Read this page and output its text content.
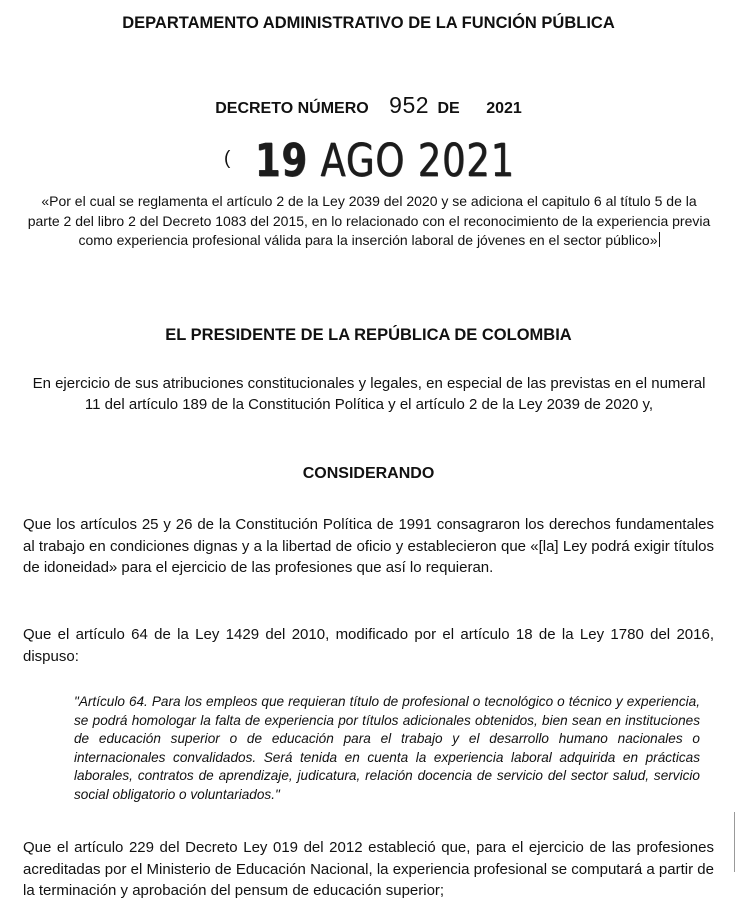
DEPARTAMENTO ADMINISTRATIVO DE LA FUNCIÓN PÚBLICA
DECRETO NÚMERO 952 DE 2021
( 19 AGO 2021
«Por el cual se reglamenta el artículo 2 de la Ley 2039 del 2020 y se adiciona el capitulo 6 al título 5 de la parte 2 del libro 2 del Decreto 1083 del 2015, en lo relacionado con el reconocimiento de la experiencia previa como experiencia profesional válida para la inserción laboral de jóvenes en el sector público»
EL PRESIDENTE DE LA REPÚBLICA DE COLOMBIA
En ejercicio de sus atribuciones constitucionales y legales, en especial de las previstas en el numeral 11 del artículo 189 de la Constitución Política y el artículo 2 de la Ley 2039 de 2020 y,
CONSIDERANDO
Que los artículos 25 y 26 de la Constitución Política de 1991 consagraron los derechos fundamentales al trabajo en condiciones dignas y a la libertad de oficio y establecieron que «[la] Ley podrá exigir títulos de idoneidad» para el ejercicio de las profesiones que así lo requieran.
Que el artículo 64 de la Ley 1429 del 2010, modificado por el artículo 18 de la Ley 1780 del 2016, dispuso:
"Artículo 64. Para los empleos que requieran título de profesional o tecnológico o técnico y experiencia, se podrá homologar la falta de experiencia por títulos adicionales obtenidos, bien sean en instituciones de educación superior o de educación para el trabajo y el desarrollo humano nacionales o internacionales convalidados. Será tenida en cuenta la experiencia laboral adquirida en prácticas laborales, contratos de aprendizaje, judicatura, relación docencia de servicio del sector salud, servicio social obligatorio o voluntariados."
Que el artículo 229 del Decreto Ley 019 del 2012 estableció que, para el ejercicio de las profesiones acreditadas por el Ministerio de Educación Nacional, la experiencia profesional se computará a partir de la terminación y aprobación del pensum de educación superior;
